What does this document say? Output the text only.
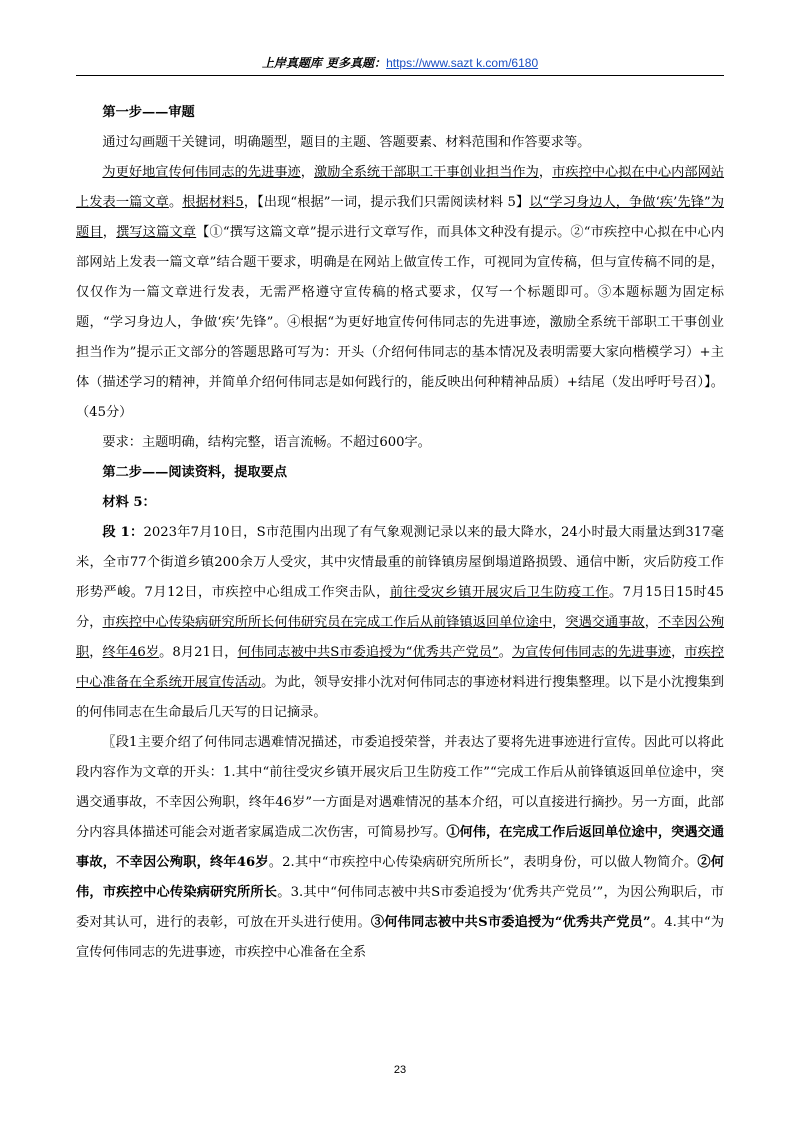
上岸真题库 更多真题：https://www.sazt k.com/6180

第一步——审题

通过勾画题干关键词，明确题型，题目的主题、答题要素、材料范围和作答要求等。

为更好地宣传何伟同志的先进事迹，激励全系统干部职工干事创业担当作为，市疾控中心拟在中心内部网站上发表一篇文章。根据材料5，【出现“根据”一词，提示我们只需阅读材料 5】以“学习身边人，争做‘疾’先锋”为题目，撰写这篇文章【①“撰写这篇文章”提示进行文章写作，而具体文种没有提示。②“市疾控中心拟在中心内部网站上发表一篇文章”结合题干要求，明确是在网站上做宣传工作，可视同为宣传稿，但与宣传稿不同的是，仅仅作为一篇文章进行发表，无需严格遵守宣传稿的格式要求，仅写一个标题即可。③本题标题为固定标题，“学习身边人，争做‘疾’先锋”。④根据“为更好地宣传何伟同志的先进事迹，激励全系统干部职工干事创业担当作为”提示正文部分的答题思路可写为：开头（介绍何伟同志的基本情况及表明需要大家向楷模学习）+主体（描述学习的精神，并简单介绍何伟同志是如何践行的，能反映出何种精神品质）+结尾（发出呼吁号召）】。（45分）

要求：主题明确，结构完整，语言流畅。不超过600字。

第二步——阅读资料，提取要点

材料 5：

段 1：2023年7月10日，S市范围内出现了有气象观测记录以来的最大降水，24小时最大雨量达到317毫米，全市77个街道乡镇200余万人受灾，其中灾情最重的前锋镇房屋倒塌道路损毁、通信中断，灾后防疫工作形势严峻。7月12日，市疾控中心组成工作突击队，前往受灾乡镇开展灾后卫生防疫工作。7月15日15时45分，市疾控中心传染病研究所所长何伟研究员在完成工作后从前锋镇返回单位途中，突遇交通事故，不幸因公殉职，终年46岁。8月21日，何伟同志被中共S市委追授为“优秀共产党员”。为宣传何伟同志的先进事迹，市疾控中心准备在全系统开展宣传活动。为此，领导安排小沈对何伟同志的事迹材料进行搜集整理。以下是小沈搜集到的何伟同志在生命最后几天写的日记摘录。

〖段1主要介绍了何伟同志遇难情况描述，市委追授荣誉，并表达了要将先进事迹进行宣传。因此可以将此段内容作为文章的开头：1.其中“前往受灾乡镇开展灾后卫生防疫工作”“完成工作后从前锋镇返回单位途中，突遇交通事故，不幸因公殉职，终年46岁”一方面是对遇难情况的基本介绍，可以直接进行摘抄。另一方面，此部分内容具体描述可能会对逝者家属造成二次伤害，可简易抄写。①何伟，在完成工作后返回单位途中，突遇交通事故，不幸因公殉职，终年46岁。2.其中“市疾控中心传染病研究所所长”，表明身份，可以做人物简介。②何伟，市疾控中心传染病研究所所长。3.其中“何伟同志被中共S市委追授为‘优秀共产党员’”，为因公殉职后，市委对其认可，进行的表彰，可放在开头进行使用。③何伟同志被中共S市委追授为“优秀共产党员”。4.其中“为宣传何伟同志的先进事迹，市疾控中心准备在全系

23
